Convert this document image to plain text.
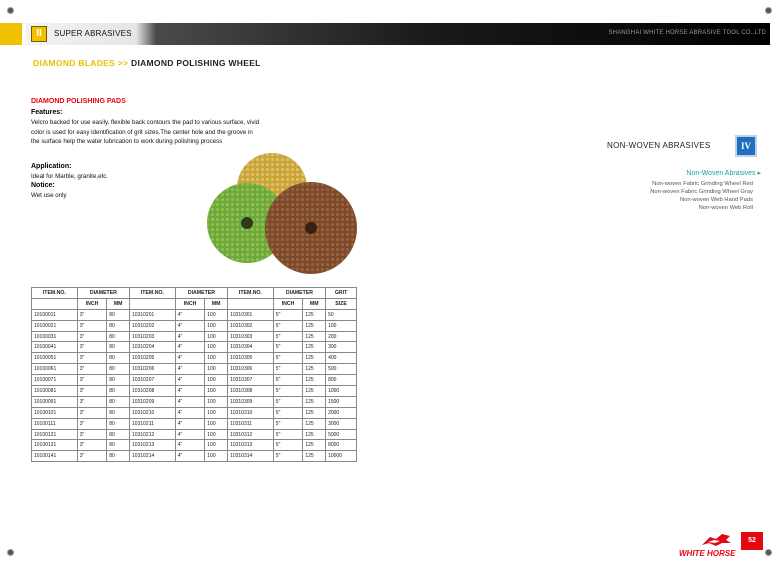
II	SUPER ABRASIVES	SHANGHAI WHITE HORSE ABRASIVE TOOL CO.,LTD
DIAMOND BLADES >> DIAMOND POLISHING WHEEL
DIAMOND POLISHING PADS
Features:
Velcro backed for use easily, flexible back contours the pad to various surface, vivid color is used for easy identification of grit sizes.The center hole and the groove in the surface help the water lubrication to work during polishing process
Application:
Ideal for Marble, granite,etc.
Notice:
Wet use only
NON-WOVEN ABRASIVES	IV
Non-Woven Abrasives ▸
Non-woven Fabric Grinding Wheel Red
Non-woven Fabric Grinding Wheel Gray
Non-woven Web Hand Pads
Non-woven Web Roll
ITEM.NO.	DIAMETER		ITEM.NO.	DIAMETER		ITEM.NO.	DIAMETER		GRIT
	INCH	MM		INCH	MM		INCH	MM	SIZE
10100011	3"	80	10310201	4"	100	10310301	5"	125	50
10100021	3"	80	10310202	4"	100	10310302	5"	125	100
10100031	3"	80	10310203	4"	100	10310303	5"	125	200
10100041	3"	80	10310204	4"	100	10310304	5"	125	300
10100051	3"	80	10310205	4"	100	10310305	5"	125	400
10100061	3"	80	10310206	4"	100	10310306	5"	125	500
10100071	3"	80	10310207	4"	100	10310307	5"	125	800
10100081	3"	80	10310208	4"	100	10310308	5"	125	1000
10100091	3"	80	10310209	4"	100	10310309	5"	125	1500
10100101	3"	80	10310210	4"	100	10310310	5"	125	2000
10100111	3"	80	10310211	4"	100	10310311	5"	125	3000
10100121	3"	80	10310212	4"	100	10310312	5"	125	5000
10100131	3"	80	10310213	4"	100	10310313	5"	125	8000
10100141	3"	80	10310214	4"	100	10310314	5"	125	10000
WHITE HORSE
52
